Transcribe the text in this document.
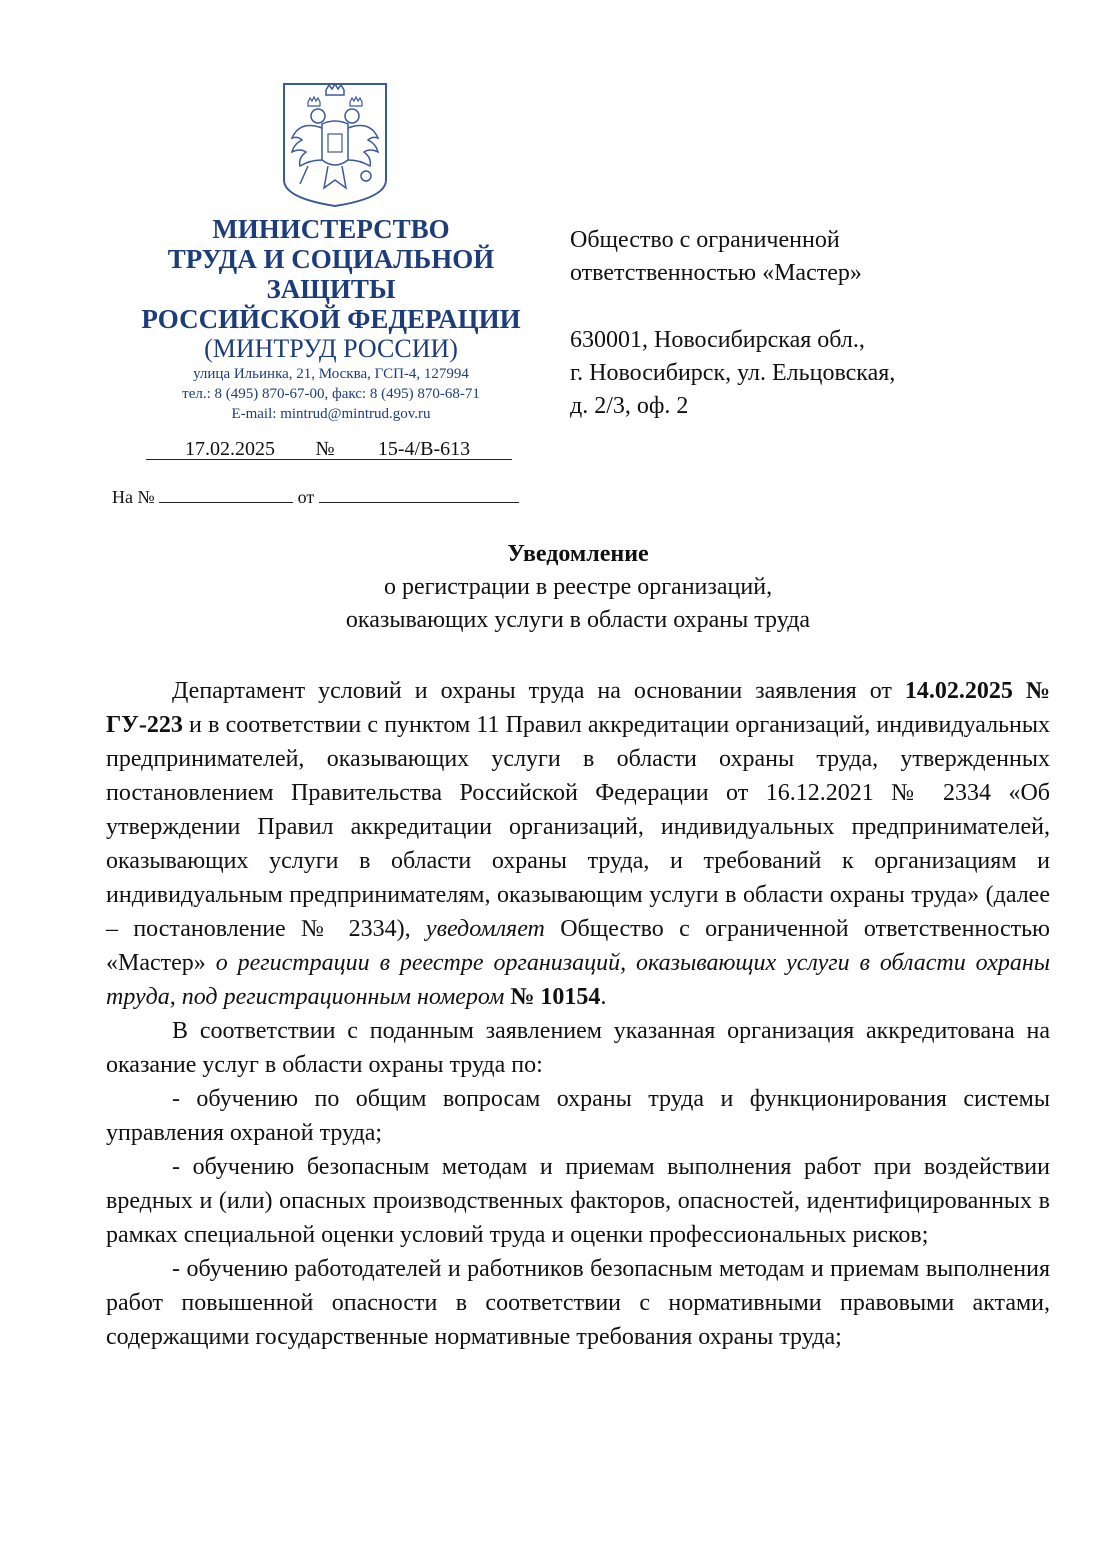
МИНИСТЕРСТВО
ТРУДА И СОЦИАЛЬНОЙ
ЗАЩИТЫ
РОССИЙСКОЙ ФЕДЕРАЦИИ
(МИНТРУД РОССИИ)
улица Ильинка, 21, Москва, ГСП-4, 127994
тел.: 8 (495) 870-67-00, факс: 8 (495) 870-68-71
E-mail: mintrud@mintrud.gov.ru
17.02.2025 № 15-4/В-613
На №	от

Общество с ограниченной

ответственностью «Мастер»

630001, Новосибирская обл.,

г. Новосибирск, ул. Ельцовская,

д. 2/3, оф. 2

Уведомление
о регистрации в реестре организаций,
оказывающих услуги в области охраны труда

Департамент условий и охраны труда на основании заявления от 14.02.2025 № ГУ-223 и в соответствии с пунктом 11 Правил аккредитации организаций, индивидуальных предпринимателей, оказывающих услуги в области охраны труда, утвержденных постановлением Правительства Российской Федерации от 16.12.2021 № 2334 «Об утверждении Правил аккредитации организаций, индивидуальных предпринимателей, оказывающих услуги в области охраны труда, и требований к организациям и индивидуальным предпринимателям, оказывающим услуги в области охраны труда» (далее – постановление № 2334), уведомляет Общество с ограниченной ответственностью «Мастер» о регистрации в реестре организаций, оказывающих услуги в области охраны труда, под регистрационным номером № 10154.

В соответствии с поданным заявлением указанная организация аккредитована на оказание услуг в области охраны труда по:

- обучению по общим вопросам охраны труда и функционирования системы управления охраной труда;

- обучению безопасным методам и приемам выполнения работ при воздействии вредных и (или) опасных производственных факторов, опасностей, идентифицированных в рамках специальной оценки условий труда и оценки профессиональных рисков;

- обучению работодателей и работников безопасным методам и приемам выполнения работ повышенной опасности в соответствии с нормативными правовыми актами, содержащими государственные нормативные требования охраны труда;
